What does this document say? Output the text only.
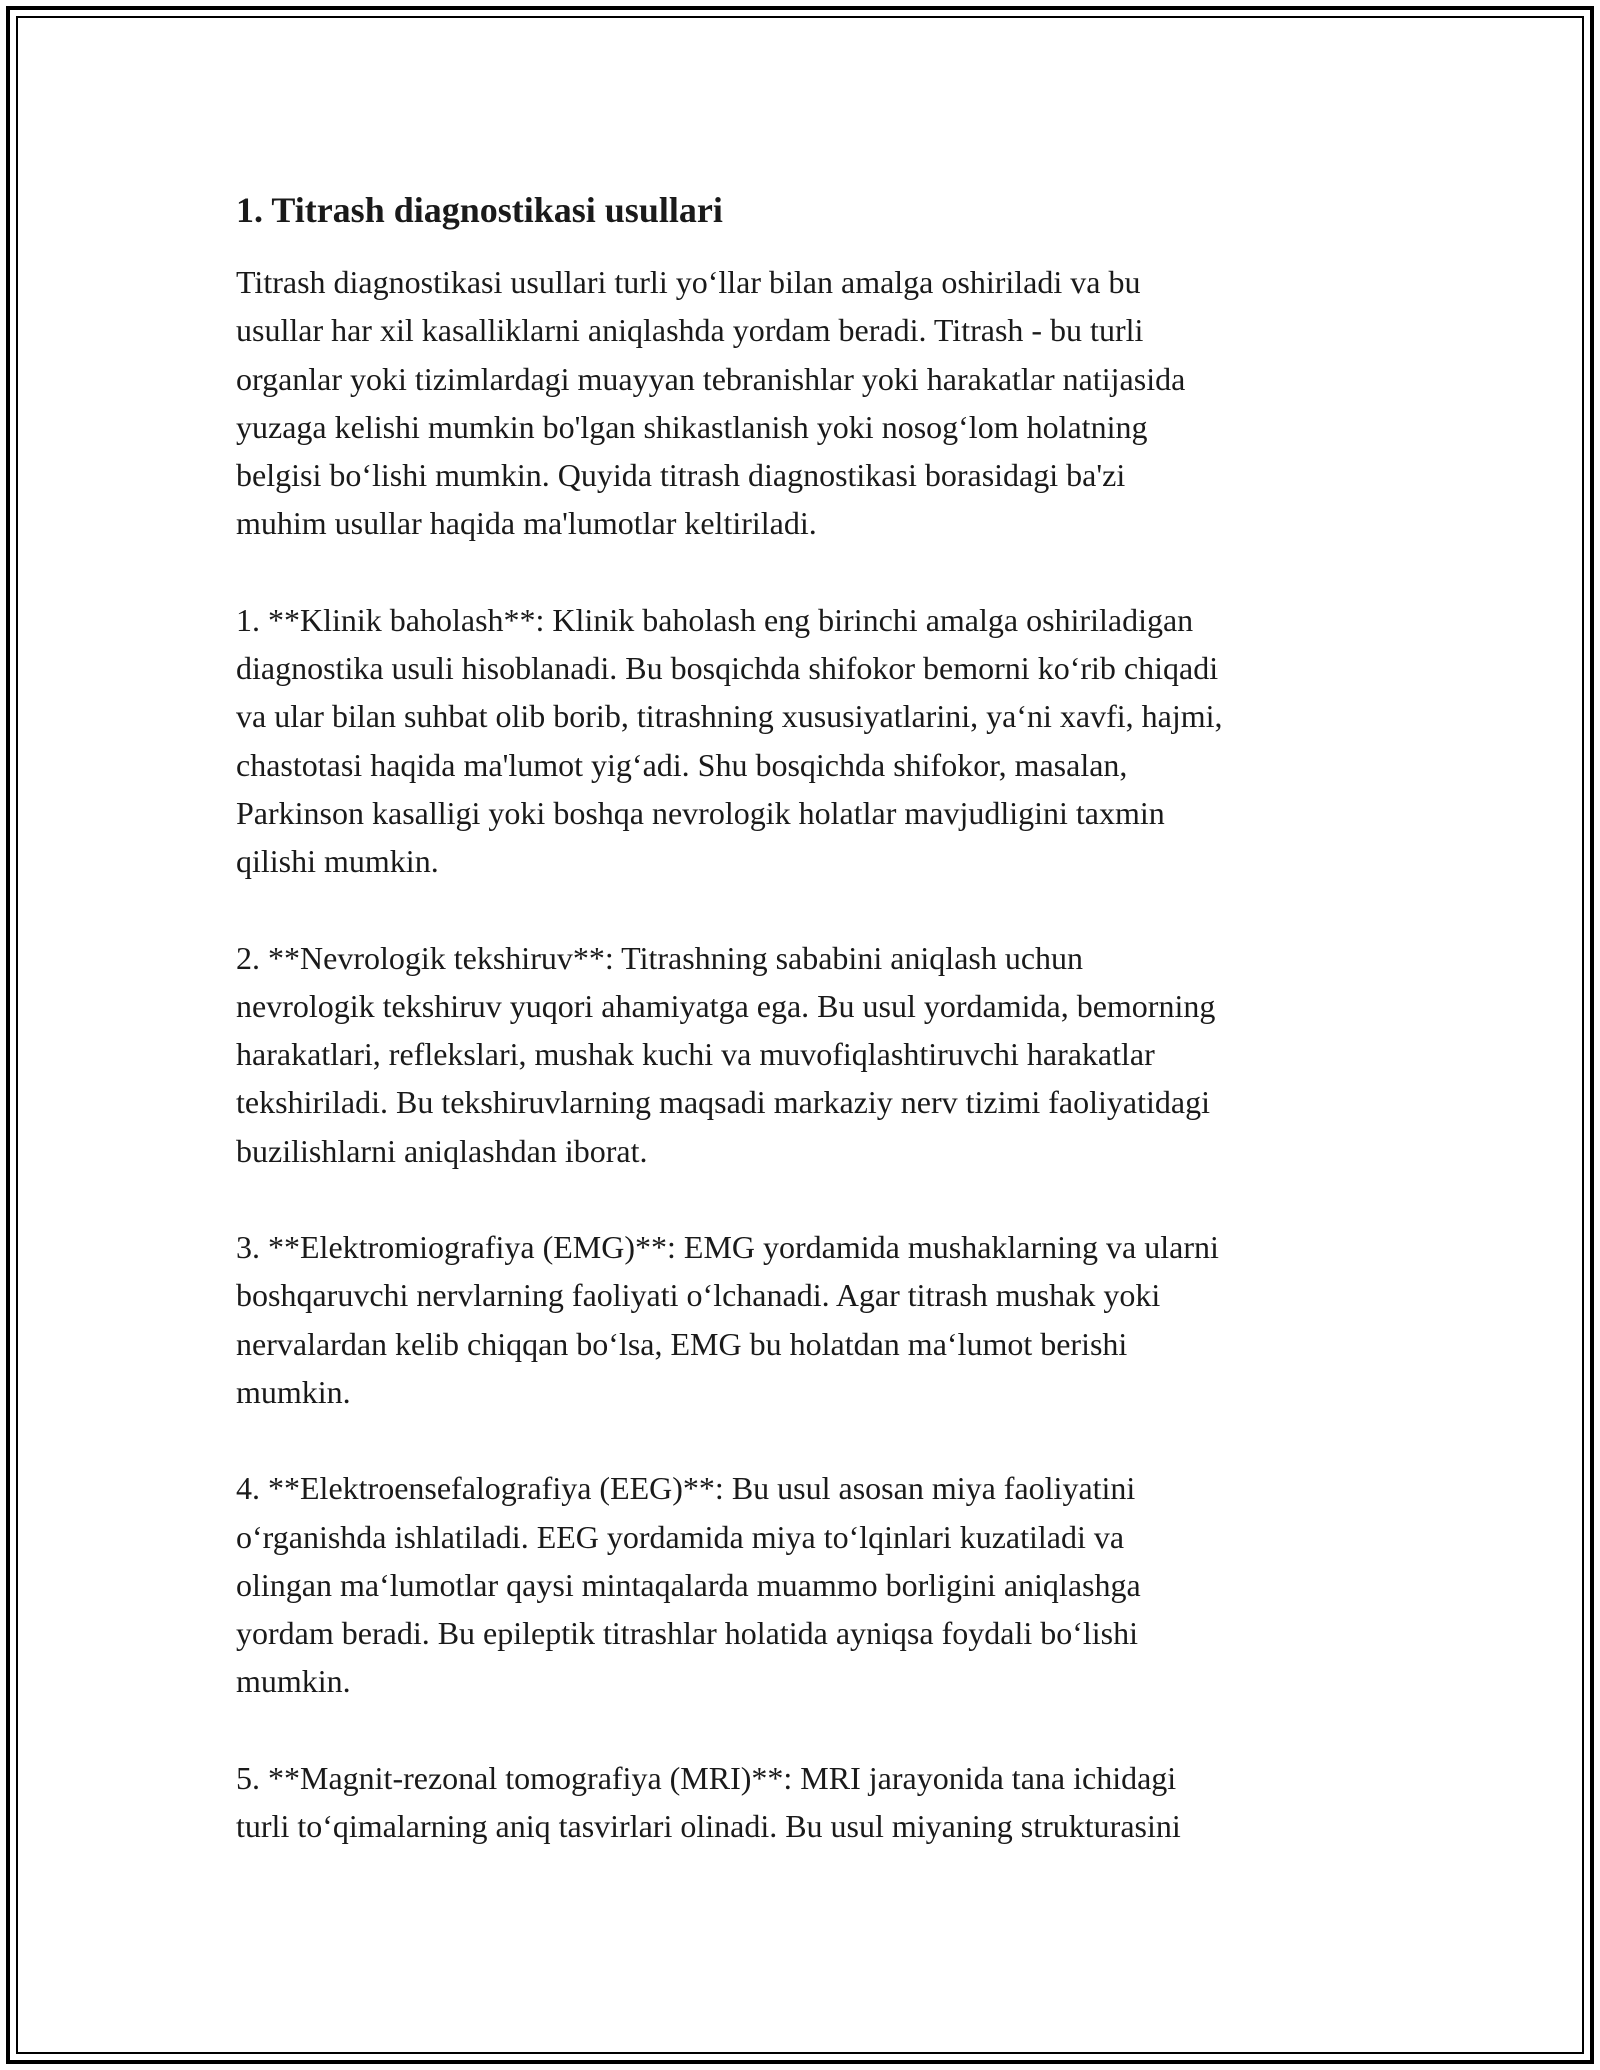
1. Titrash diagnostikasi usullari

Titrash diagnostikasi usullari turli yo‘llar bilan amalga oshiriladi va bu
usullar har xil kasalliklarni aniqlashda yordam beradi. Titrash - bu turli
organlar yoki tizimlardagi muayyan tebranishlar yoki harakatlar natijasida
yuzaga kelishi mumkin bo'lgan shikastlanish yoki nosog‘lom holatning
belgisi bo‘lishi mumkin. Quyida titrash diagnostikasi borasidagi ba'zi
muhim usullar haqida ma'lumotlar keltiriladi.

1. **Klinik baholash**: Klinik baholash eng birinchi amalga oshiriladigan
diagnostika usuli hisoblanadi. Bu bosqichda shifokor bemorni ko‘rib chiqadi
va ular bilan suhbat olib borib, titrashning xususiyatlarini, ya‘ni xavfi, hajmi,
chastotasi haqida ma'lumot yig‘adi. Shu bosqichda shifokor, masalan,
Parkinson kasalligi yoki boshqa nevrologik holatlar mavjudligini taxmin
qilishi mumkin.

2. **Nevrologik tekshiruv**: Titrashning sababini aniqlash uchun
nevrologik tekshiruv yuqori ahamiyatga ega. Bu usul yordamida, bemorning
harakatlari, reflekslari, mushak kuchi va muvofiqlashtiruvchi harakatlar
tekshiriladi. Bu tekshiruvlarning maqsadi markaziy nerv tizimi faoliyatidagi
buzilishlarni aniqlashdan iborat.

3. **Elektromiografiya (EMG)**: EMG yordamida mushaklarning va ularni
boshqaruvchi nervlarning faoliyati o‘lchanadi. Agar titrash mushak yoki
nervalardan kelib chiqqan bo‘lsa, EMG bu holatdan ma‘lumot berishi
mumkin.

4. **Elektroensefalografiya (EEG)**: Bu usul asosan miya faoliyatini
o‘rganishda ishlatiladi. EEG yordamida miya to‘lqinlari kuzatiladi va
olingan ma‘lumotlar qaysi mintaqalarda muammo borligini aniqlashga
yordam beradi. Bu epileptik titrashlar holatida ayniqsa foydali bo‘lishi
mumkin.

5. **Magnit-rezonal tomografiya (MRI)**: MRI jarayonida tana ichidagi
turli to‘qimalarning aniq tasvirlari olinadi. Bu usul miyaning strukturasini
